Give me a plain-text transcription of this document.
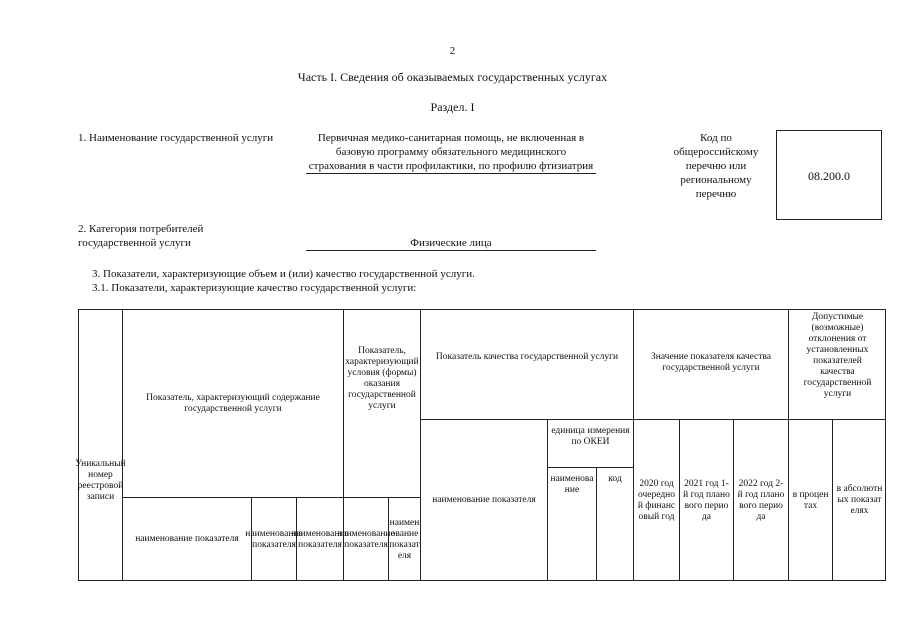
2
Часть I. Сведения об оказываемых государственных услугах
Раздел. I
1. Наименование государственной услуги	Первичная медико-санитарная помощь, не включенная в базовую программу обязательного медицинского страхования в части профилактики, по профилю фтизиатрия
Код по общероссийскому перечню или региональному перечню
08.200.0
2. Категория потребителей государственной услуги	Физические лица
3. Показатели, характеризующие объем и (или) качество государственной услуги.
3.1. Показатели, характеризующие качество государственной услуги:
Уникальный номер реестровой записи
Показатель, характеризующий содержание государственной услуги
наименование показателя
наименование показателя
наименование показателя
Показатель, характеризующий условия (формы) оказания государственной услуги
наименование показателя
наименование показателя
Показатель качества государственной услуги
наименование показателя
единица измерения по ОКЕИ
наименование
код
Значение показателя качества государственной услуги
2020 год очередной финансовый год
2021 год 1-й год планового периода
2022 год 2-й год планового периода
Допустимые (возможные) отклонения от установленных показателей качества государственной услуги
в процентах
в абсолютных показателях
